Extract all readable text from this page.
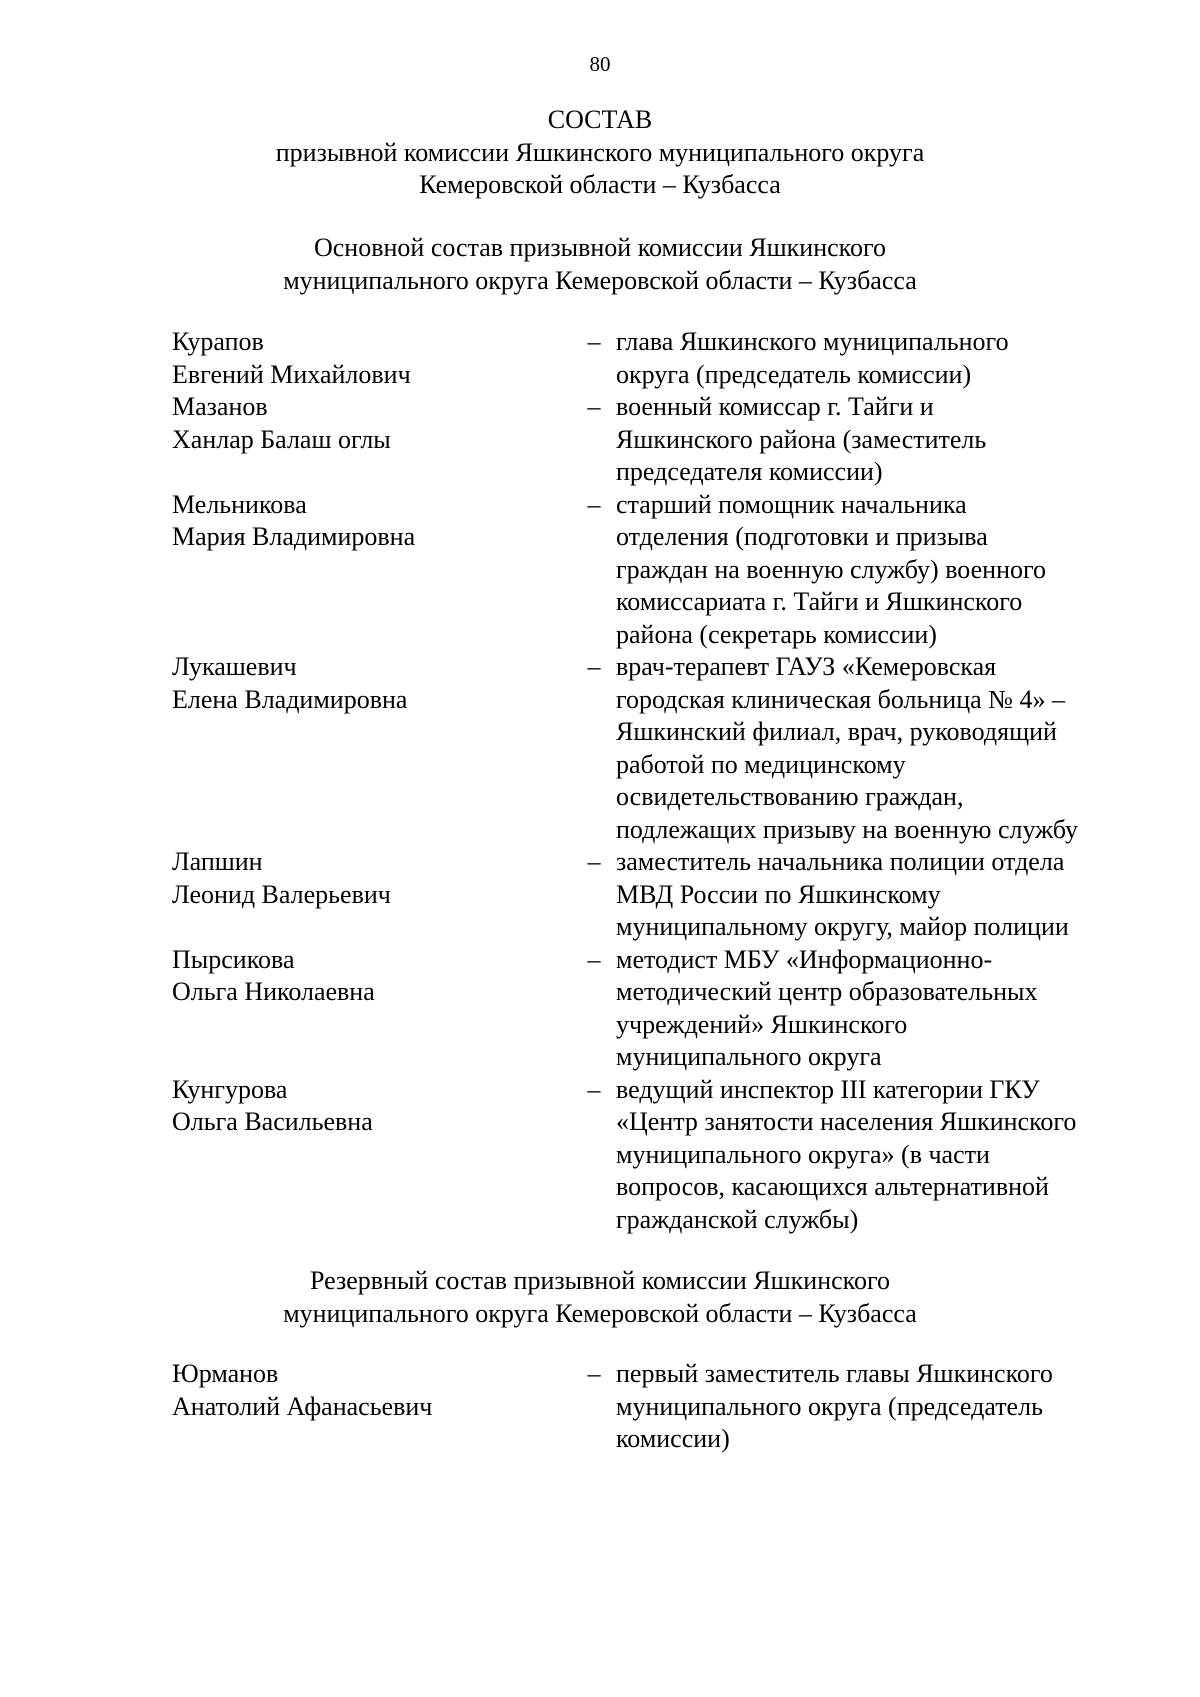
80
СОСТАВ
призывной комиссии Яшкинского муниципального округа
Кемеровской области – Кузбасса
Основной состав призывной комиссии Яшкинского
муниципального округа Кемеровской области – Кузбасса
Курапов
Евгений Михайлович
– глава Яшкинского муниципального
округа (председатель комиссии)
Мазанов
Ханлар Балаш оглы
– военный комиссар г. Тайги и
Яшкинского района (заместитель
председателя комиссии)
Мельникова
Мария Владимировна
– старший помощник начальника
отделения (подготовки и призыва
граждан на военную службу) военного
комиссариата г. Тайги и Яшкинского
района (секретарь комиссии)
Лукашевич
Елена Владимировна
– врач-терапевт ГАУЗ «Кемеровская
городская клиническая больница № 4» –
Яшкинский филиал, врач, руководящий
работой по медицинскому
освидетельствованию граждан,
подлежащих призыву на военную службу
Лапшин
Леонид Валерьевич
– заместитель начальника полиции отдела
МВД России по Яшкинскому
муниципальному округу, майор полиции
Пырсикова
Ольга Николаевна
– методист МБУ «Информационно-
методический центр образовательных
учреждений» Яшкинского
муниципального округа
Кунгурова
Ольга Васильевна
– ведущий инспектор III категории ГКУ
«Центр занятости населения Яшкинского
муниципального округа» (в части
вопросов, касающихся альтернативной
гражданской службы)
Резервный состав призывной комиссии Яшкинского
муниципального округа Кемеровской области – Кузбасса
Юрманов
Анатолий Афанасьевич
– первый заместитель главы Яшкинского
муниципального округа (председатель
комиссии)
